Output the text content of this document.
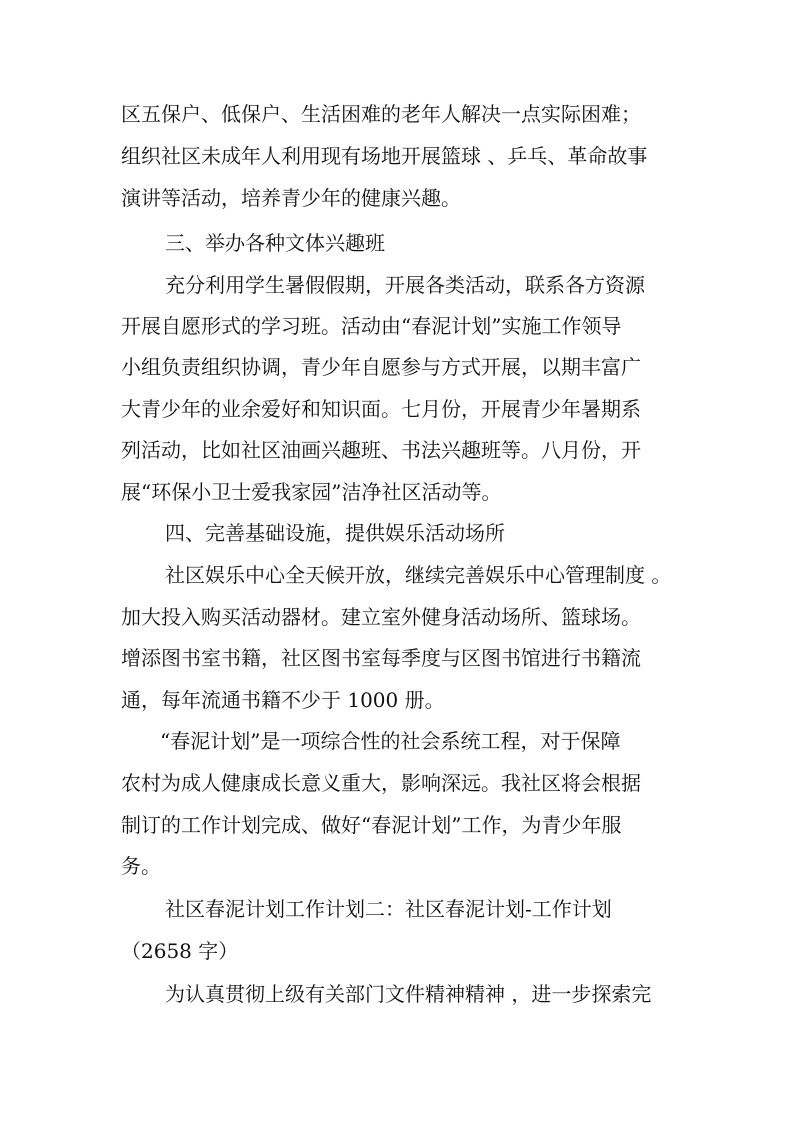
区五保户、低保户、生活困难的老年人解决一点实际困难；
组织社区未成年人利用现有场地开展篮球 、乒乓、革命故事
演讲等活动，培养青少年的健康兴趣。
三、举办各种文体兴趣班
充分利用学生暑假假期，开展各类活动，联系各方资源
开展自愿形式的学习班。活动由“春泥计划”实施工作领导
小组负责组织协调，青少年自愿参与方式开展，以期丰富广
大青少年的业余爱好和知识面。七月份，开展青少年暑期系
列活动，比如社区油画兴趣班、书法兴趣班等。八月份，开
展“环保小卫士爱我家园”洁净社区活动等。
四、完善基础设施，提供娱乐活动场所
社区娱乐中心全天候开放，继续完善娱乐中心管理制度 。
加大投入购买活动器材。建立室外健身活动场所、篮球场。
增添图书室书籍，社区图书室每季度与区图书馆进行书籍流
通，每年流通书籍不少于 1000 册。
“春泥计划”是一项综合性的社会系统工程，对于保障
农村为成人健康成长意义重大，影响深远。我社区将会根据
制订的工作计划完成、做好“春泥计划”工作，为青少年服
务。
社区春泥计划工作计划二：社区春泥计划-工作计划
（2658 字）
为认真贯彻上级有关部门文件精神精神 ，进一步探索完
